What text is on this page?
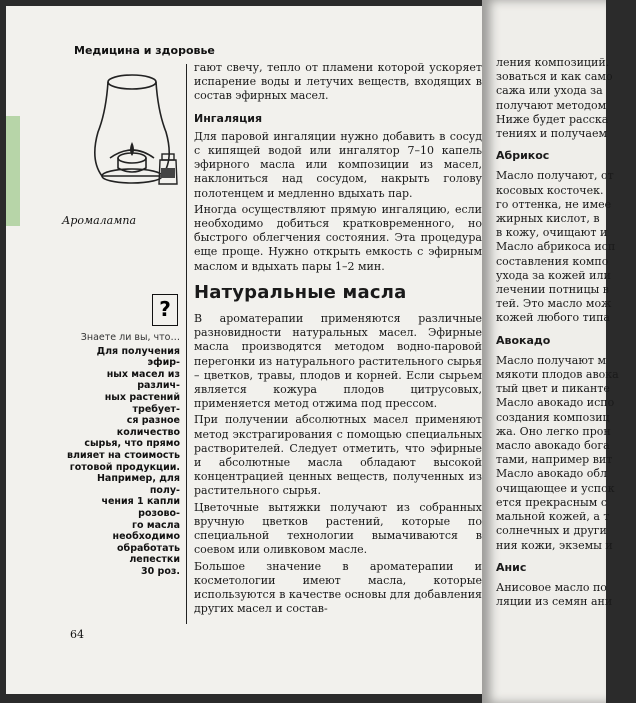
Медицина и здоровье
Аромалампа
?
Знаете ли вы, что…
Для получения эфир-
ных масел из различ-
ных растений требует-
ся разное количество
сырья, что прямо
влияет на стоимость
готовой продукции.
Например, для полу-
чения 1 капли розово-
го масла необходимо
обработать лепестки
30 роз.

гают свечу, тепло от пламени которой ускоряет испарение воды и летучих веществ, входящих в состав эфирных масел.

Ингаляция

Для паровой ингаляции нужно добавить в сосуд с кипящей водой или ингалятор 7–10 капель эфирного масла или композиции из масел, наклониться над сосудом, накрыть голову полотенцем и медленно вдыхать пар.

Иногда осуществляют прямую ингаляцию, если необходимо добиться кратковременного, но быстрого облегчения состояния. Эта процедура еще проще. Нужно открыть емкость с эфирным маслом и вдыхать пары 1–2 мин.

Натуральные масла

В ароматерапии применяются различные разновидности натуральных масел. Эфирные масла производятся методом водно-паровой перегонки из натурального растительного сырья – цветков, травы, плодов и корней. Если сырьем является кожура плодов цитрусовых, применяется метод отжима под прессом.

При получении абсолютных масел применяют метод экстрагирования с помощью специальных растворителей. Следует отметить, что эфирные и абсолютные масла обладают высокой концентрацией ценных веществ, полученных из растительного сырья.

Цветочные вытяжки получают из собранных вручную цветков растений, которые по специальной технологии вымачиваются в соевом или оливковом масле.

Большое значение в ароматерапии и косметологии имеют масла, которые используются в качестве основы для добавления других масел и состав-

64
ления композиций.
зоваться и как само
сажа или ухода за
получают методом
Ниже будет расска
тениях и получаем
Абрикос
Масло получают, от
косовых косточек.
го оттенка, не имее
жирных кислот, в
в кожу, очищают и
Масло абрикоса исп
составления компо
ухода за кожей или
лечении потницы в
тей. Это масло мож
кожей любого типа
Авокадо
Масло получают м
мякоти плодов авока
тый цвет и пиканте
Масло авокадо испо
создания композиц
жа. Оно легко прон
масло авокадо бога
тами, например вит
Масло авокадо обл
очищающее и успок
ется прекрасным с
мальной кожей, а т
солнечных и други
ния кожи, экземы и
Анис
Анисовое масло по
ляции из семян ани
